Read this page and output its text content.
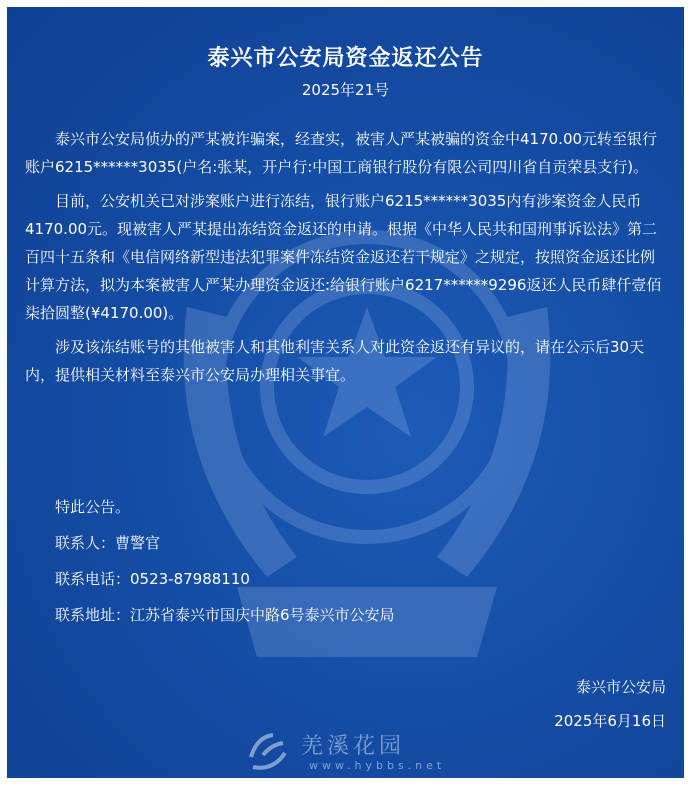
泰兴市公安局资金返还公告
2025年21号

泰兴市公安局侦办的严某被诈骗案，经查实，被害人严某被骗的资金中4170.00元转至银行账户6215******3035(户名:张某，开户行:中国工商银行股份有限公司四川省自贡荣县支行)。

目前，公安机关已对涉案账户进行冻结，银行账户6215******3035内有涉案资金人民币4170.00元。现被害人严某提出冻结资金返还的申请。根据《中华人民共和国刑事诉讼法》第二百四十五条和《电信网络新型违法犯罪案件冻结资金返还若干规定》之规定，按照资金返还比例计算方法，拟为本案被害人严某办理资金返还:给银行账户6217******9296返还人民币肆仟壹佰柒拾圆整(¥4170.00)。

涉及该冻结账号的其他被害人和其他利害关系人对此资金返还有异议的，请在公示后30天内，提供相关材料至泰兴市公安局办理相关事宜。

特此公告。
联系人：曹警官
联系电话：0523-87988110
联系地址：江苏省泰兴市国庆中路6号泰兴市公安局
泰兴市公安局
2025年6月16日
羌溪花园
www.hybbs.net
